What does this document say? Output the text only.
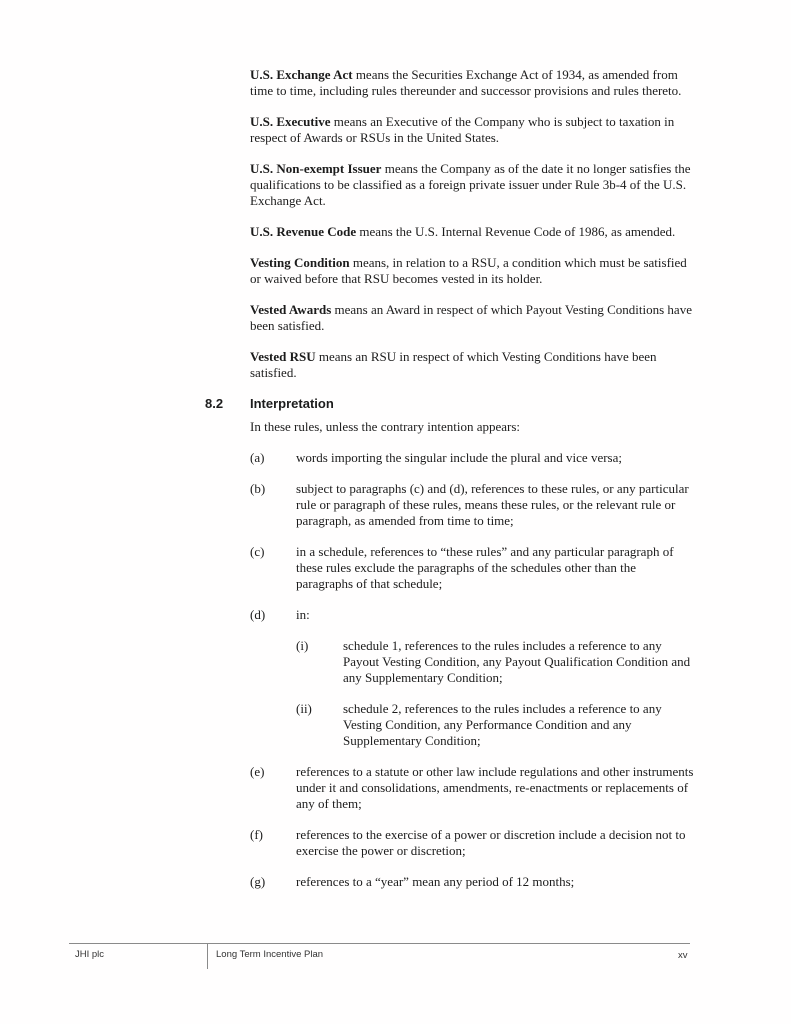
U.S. Exchange Act means the Securities Exchange Act of 1934, as amended from time to time, including rules thereunder and successor provisions and rules thereto.

U.S. Executive means an Executive of the Company who is subject to taxation in respect of Awards or RSUs in the United States.

U.S. Non-exempt Issuer means the Company as of the date it no longer satisfies the qualifications to be classified as a foreign private issuer under Rule 3b-4 of the U.S. Exchange Act.

U.S. Revenue Code means the U.S. Internal Revenue Code of 1986, as amended.

Vesting Condition means, in relation to a RSU, a condition which must be satisfied or waived before that RSU becomes vested in its holder.

Vested Awards means an Award in respect of which Payout Vesting Conditions have been satisfied.

Vested RSU means an RSU in respect of which Vesting Conditions have been satisfied.

8.2 Interpretation

In these rules, unless the contrary intention appears:

(a)	words importing the singular include the plural and vice versa;
(b)	subject to paragraphs (c) and (d), references to these rules, or any particular rule or paragraph of these rules, means these rules, or the relevant rule or paragraph, as amended from time to time;
(c)	in a schedule, references to “these rules” and any particular paragraph of these rules exclude the paragraphs of the schedules other than the paragraphs of that schedule;
(d)	in:
(i)	schedule 1, references to the rules includes a reference to any Payout Vesting Condition, any Payout Qualification Condition and any Supplementary Condition;
(ii)	schedule 2, references to the rules includes a reference to any Vesting Condition, any Performance Condition and any Supplementary Condition;
(e)	references to a statute or other law include regulations and other instruments under it and consolidations, amendments, re-enactments or replacements of any of them;
(f)	references to the exercise of a power or discretion include a decision not to exercise the power or discretion;
(g)	references to a “year” mean any period of 12 months;
JHI plc	Long Term Incentive Plan	xv
